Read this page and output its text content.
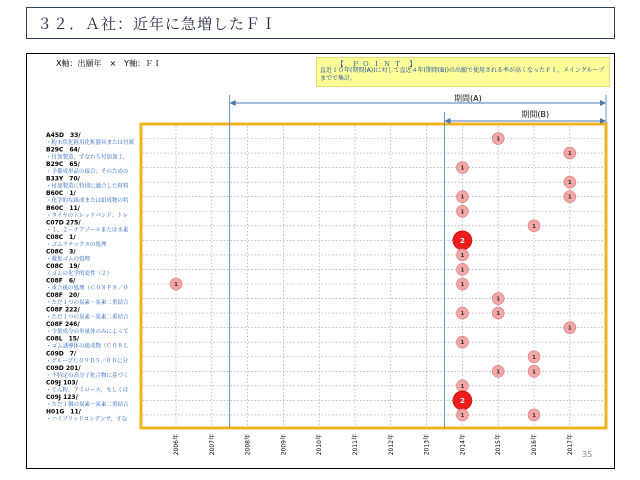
３２．Ａ社：近年に急増したＦＩ
X軸：出願年　×　Y軸：ＦＩ	【　Ｐ Ｏ Ｉ Ｎ Ｔ　】
直近１０年(期間(A))に対して直近４年(期間(B))の出願で使用される率が高くなったＦＩ。メイングループまでで集計。
期間(A)
期間(B)
A45D　33/
・粉末状化粧用化粧器具または付属
B29C　64/
・付加製造，すなわち付加加工，
B29C　65/
・予備成形品の接合；そのための
B33Y　70/
・付加製造に特別に適合した材料
B60C　1/
・化学的な組成または組成物の特
B60C　11/
・タイヤのトレッドバンド；トレ
C07D 275/
・１，２－チアゾールまたは水素
C08C　1/
・ゴムラテックスの処理
C08C　3/
・凝集ゴムの処理
C08C　19/
・ゴムの化学的変性（２）
C08F　6/
・重合後の処理（Ｃ０８Ｆ８／０
C08F　20/
・ただ１つの炭素－炭素二重結合
C08F 222/
・ただ１つの炭素－炭素二重結合
C08F 246/
・少量成分の単量体のみによって
C08L　15/
・ゴム誘導体の組成物（Ｃ０８Ｌ
C09D　7/
・グループＣ０９Ｄ５／００に分
C09D 201/
・不特定の高分子化合物に基づく
C09J 103/
・でん粉，アミロース，もしくは
C09J 123/
・ただ１個の炭素－炭素二重結合
H01G　11/
・ハイブリッドコンデンサ，すな
2006年	2007年	2008年	2009年	2010年	2011年	2012年	2013年	2014年	2015年	2016年	2017年
1
1
1
1
1	1
1
1
2
1
1
1	1
1
1	1
1
1
1
1	1
1
2
1	1
35
